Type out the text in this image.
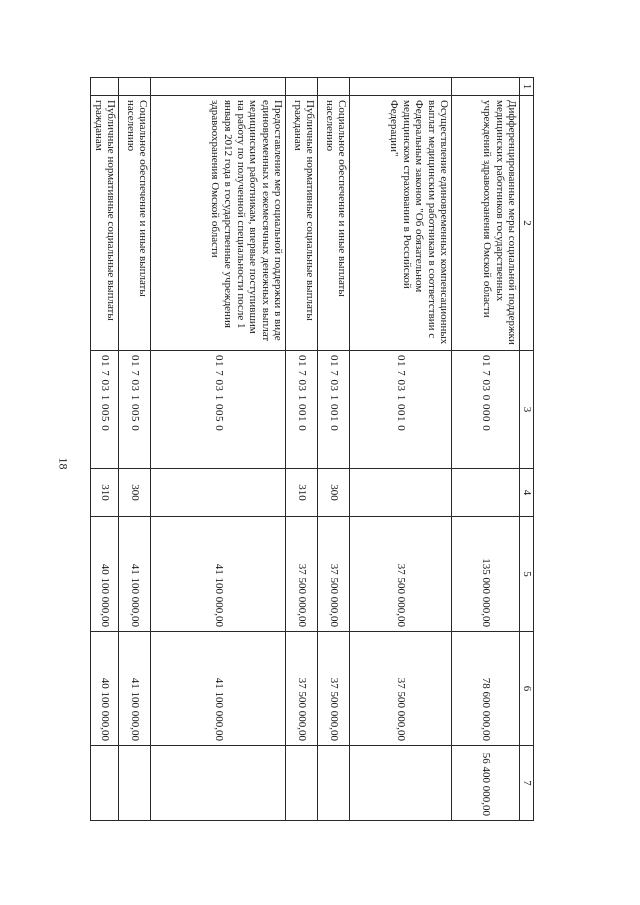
18
1	2	3	4	5	6	7
	Дифференцированные меры социальной поддержки медицинских работников государственных учреждений здравоохранения Омской области	01 7 03 0 000 0		135 000 000,00	78 600 000,00	56 400 000,00
	Осуществление единовременных компенсационных выплат медицинским работникам в соответствии с Федеральным законом "Об обязательном медицинском страховании в Российской Федерации"	01 7 03 1 001 0		37 500 000,00	37 500 000,00	
	Социальное обеспечение и иные выплаты населению	01 7 03 1 001 0	300	37 500 000,00	37 500 000,00	
	Публичные нормативные социальные выплаты гражданам	01 7 03 1 001 0	310	37 500 000,00	37 500 000,00	
	Предоставление мер социальной поддержки в виде единовременных и ежемесячных денежных выплат медицинским работникам, впервые поступившим на работу по полученной специальности после 1 января 2012 года в государственные учреждения здравоохранения Омской области	01 7 03 1 005 0		41 100 000,00	41 100 000,00	
	Социальное обеспечение и иные выплаты населению	01 7 03 1 005 0	300	41 100 000,00	41 100 000,00	
	Публичные нормативные социальные выплаты гражданам	01 7 03 1 005 0	310	40 100 000,00	40 100 000,00	
